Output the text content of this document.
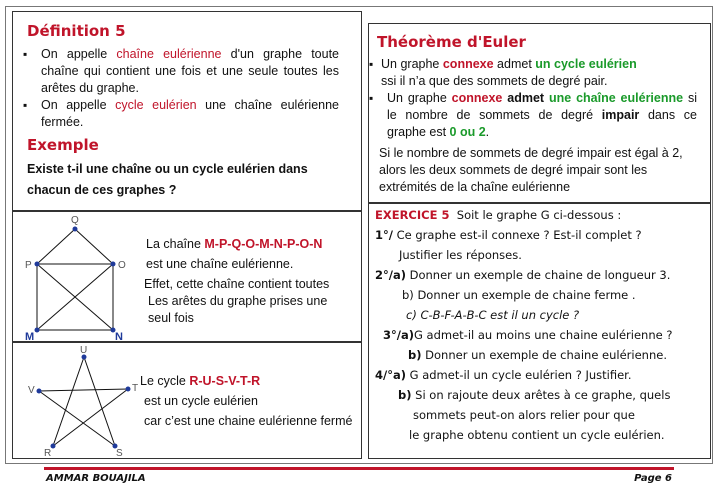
Définition 5
▪ On appelle chaîne eulérienne d'un graphe toute chaîne qui contient une fois et une seule toutes les arêtes du graphe.
▪ On appelle cycle eulérien une chaîne eulérienne fermée.
Exemple
Existe t-il une chaîne ou un cycle eulérien dans chacun de ces graphes ?
Q
P	O
M	N
La chaîne M-P-Q-O-M-N-P-O-N
est une chaîne eulérienne.
Effet, cette chaîne contient toutes
Les arêtes du graphe prises une
seul fois
U
V	T
R	S
Le cycle R-U-S-V-T-R
est un cycle eulérien
car c’est une chaine eulérienne fermé
Théorème d'Euler
▪ Un graphe connexe admet un cycle eulérien
ssi il n’a que des sommets de degré pair.
▪ Un graphe connexe admet une chaîne eulérienne si le nombre de sommets de degré impair dans ce graphe est 0 ou 2.
Si le nombre de sommets de degré impair est égal à 2, alors les deux sommets de degré impair sont les extrémités de la chaîne eulérienne
EXERCICE 5 Soit le graphe G ci-dessous :
1°/ Ce graphe est-il connexe ? Est-il complet ?
Justifier les réponses.
2°/a) Donner un exemple de chaine de longueur 3.
b) Donner un exemple de chaine ferme .
c) C-B-F-A-B-C est il un cycle ?
3°/a)G admet-il au moins une chaine eulérienne ?
b) Donner un exemple de chaine eulérienne.
4/°a) G admet-il un cycle eulérien ? Justifier.
b) Si on rajoute deux arêtes à ce graphe, quels
sommets peut-on alors relier pour que
le graphe obtenu contient un cycle eulérien.
AMMAR BOUAJILA	Page 6
